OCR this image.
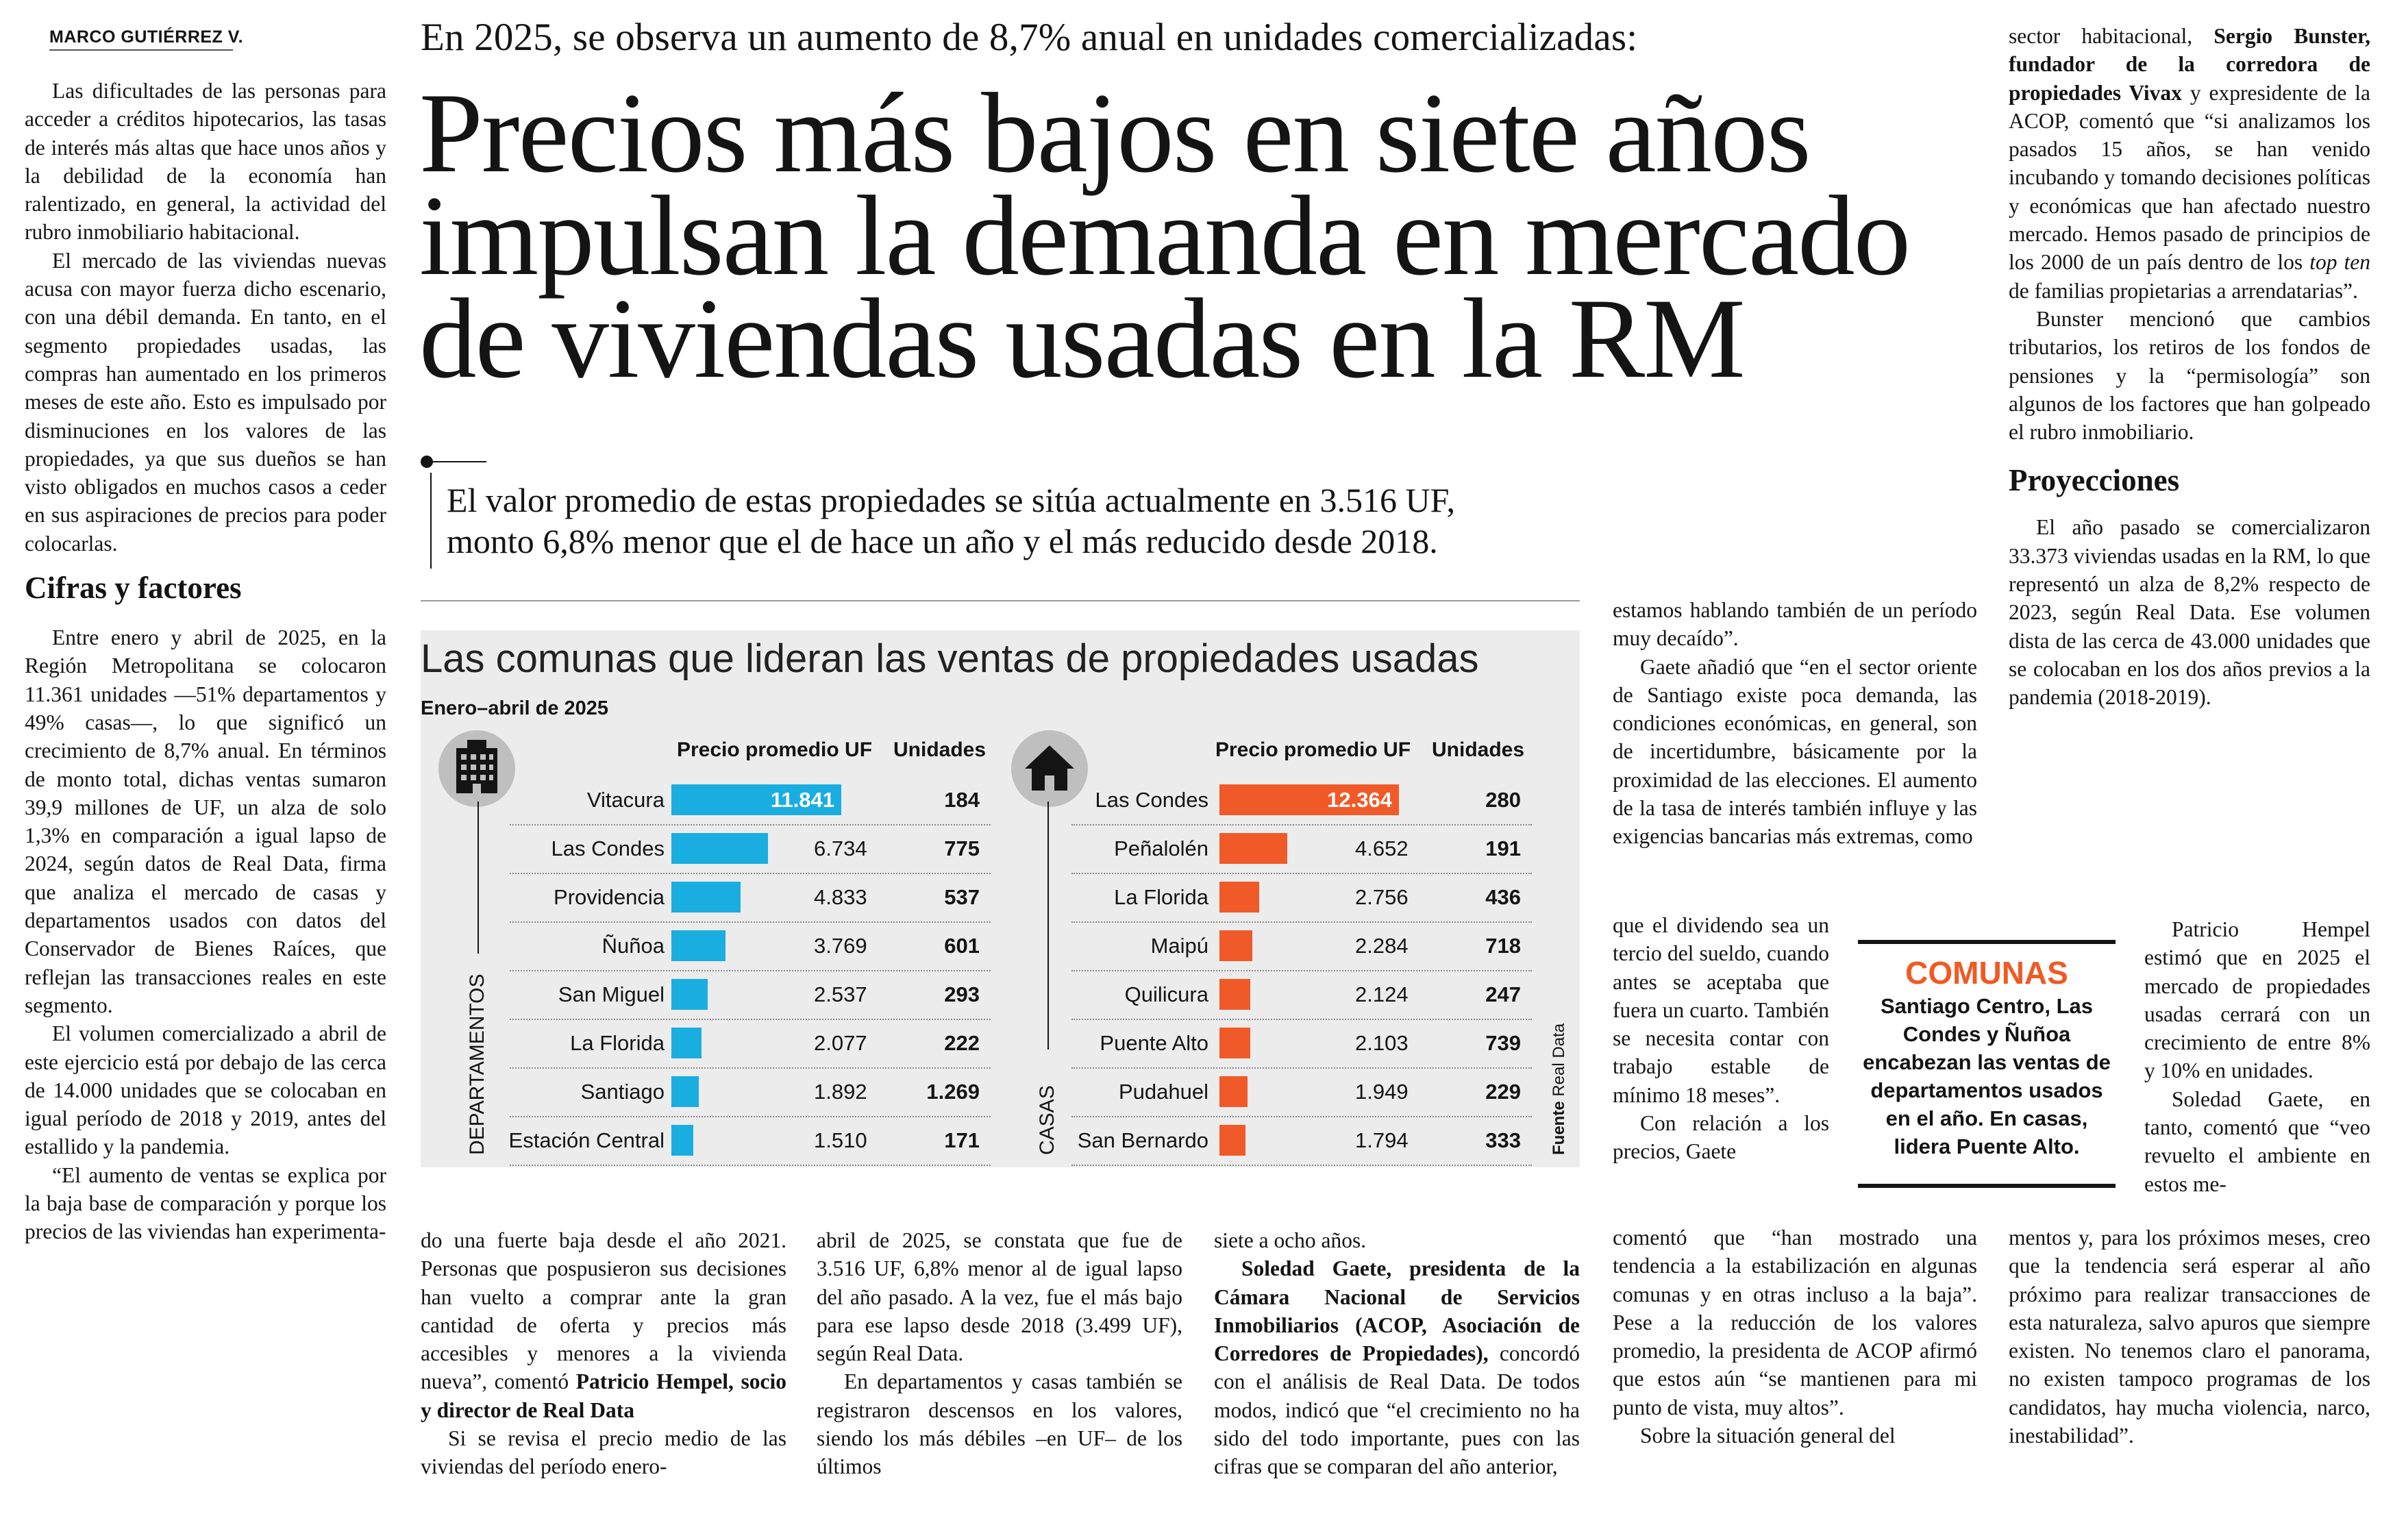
MARCO GUTIÉRREZ V.

Las dificultades de las personas para acceder a créditos hipotecarios, las tasas de interés más altas que hace unos años y la debilidad de la economía han ralentizado, en general, la actividad del rubro inmobiliario habitacional.

El mercado de las viviendas nuevas acusa con mayor fuerza dicho escenario, con una débil demanda. En tanto, en el segmento propiedades usadas, las compras han aumentado en los primeros meses de este año. Esto es impulsado por disminuciones en los valores de las propiedades, ya que sus dueños se han visto obligados en muchos casos a ceder en sus aspiraciones de precios para poder colocarlas.

Cifras y factores

Entre enero y abril de 2025, en la Región Metropolitana se colocaron 11.361 unidades —51% departamentos y 49% casas—, lo que significó un crecimiento de 8,7% anual. En términos de monto total, dichas ventas sumaron 39,9 millones de UF, un alza de solo 1,3% en comparación a igual lapso de 2024, según datos de Real Data, firma que analiza el mercado de casas y departamentos usados con datos del Conservador de Bienes Raíces, que reflejan las transacciones reales en este segmento.

El volumen comercializado a abril de este ejercicio está por debajo de las cerca de 14.000 unidades que se colocaban en igual período de 2018 y 2019, antes del estallido y la pandemia.

“El aumento de ventas se explica por la baja base de comparación y porque los precios de las viviendas han experimenta-

En 2025, se observa un aumento de 8,7% anual en unidades comercializadas:
Precios más bajos en siete años
impulsan la demanda en mercado
de viviendas usadas en la RM
El valor promedio de estas propiedades se sitúa actualmente en 3.516 UF,
monto 6,8% menor que el de hace un año y el más reducido desde 2018.
Las comunas que lideran las ventas de propiedades usadas
Enero–abril de 2025
Precio promedio UF Unidades	Precio promedio UF Unidades
DEPARTAMENTOS	CASAS
Vitacura	11.841	184
Las Condes	6.734	775
Providencia	4.833	537
Ñuñoa	3.769	601
San Miguel	2.537	293
La Florida	2.077	222
Santiago	1.892	1.269
Estación Central	1.510	171
Las Condes	12.364	280
Peñalolén	4.652	191
La Florida	2.756	436
Maipú	2.284	718
Quilicura	2.124	247
Puente Alto	2.103	739
Pudahuel	1.949	229
San Bernardo	1.794	333 Fuente Real Data

do una fuerte baja desde el año 2021. Personas que pospusieron sus decisiones han vuelto a comprar ante la gran cantidad de oferta y precios más accesibles y menores a la vivienda nueva”, comentó Patricio Hempel, socio y director de Real Data

Si se revisa el precio medio de las viviendas del período enero-

abril de 2025, se constata que fue de 3.516 UF, 6,8% menor al de igual lapso del año pasado. A la vez, fue el más bajo para ese lapso desde 2018 (3.499 UF), según Real Data.

En departamentos y casas también se registraron descensos en los valores, siendo los más débiles –en UF– de los últimos

siete a ocho años.

Soledad Gaete, presidenta de la Cámara Nacional de Servicios Inmobiliarios (ACOP, Asociación de Corredores de Propiedades), concordó con el análisis de Real Data. De todos modos, indicó que “el crecimiento no ha sido del todo importante, pues con las cifras que se comparan del año anterior,

estamos hablando también de un período muy decaído”.

Gaete añadió que “en el sector oriente de Santiago existe poca demanda, las condiciones económicas, en general, son de incertidumbre, básicamente por la proximidad de las elecciones. El aumento de la tasa de interés también influye y las exigencias bancarias más extremas, como

que el dividendo sea un tercio del sueldo, cuando antes se aceptaba que fuera un cuarto. También se necesita contar con trabajo estable de mínimo 18 meses”.

Con relación a los precios, Gaete

comentó que “han mostrado una tendencia a la estabilización en algunas comunas y en otras incluso a la baja”. Pese a la reducción de los valores promedio, la presidenta de ACOP afirmó que estos aún “se mantienen para mi punto de vista, muy altos”.

Sobre la situación general del

COMUNAS
Santiago Centro, Las Condes y Ñuñoa encabezan las ventas de departamentos usados en el año. En casas, lidera Puente Alto.

sector habitacional, Sergio Bunster, fundador de la corredora de propiedades Vivax y expresidente de la ACOP, comentó que “si analizamos los pasados 15 años, se han venido incubando y tomando decisiones políticas y económicas que han afectado nuestro mercado. Hemos pasado de principios de los 2000 de un país dentro de los top ten de familias propietarias a arrendatarias”.

Bunster mencionó que cambios tributarios, los retiros de los fondos de pensiones y la “permisología” son algunos de los factores que han golpeado el rubro inmobiliario.

Proyecciones

El año pasado se comercializaron 33.373 viviendas usadas en la RM, lo que representó un alza de 8,2% respecto de 2023, según Real Data. Ese volumen dista de las cerca de 43.000 unidades que se colocaban en los dos años previos a la pandemia (2018-2019).

Patricio Hempel estimó que en 2025 el mercado de propiedades usadas cerrará con un crecimiento de entre 8% y 10% en unidades.

Soledad Gaete, en tanto, comentó que “veo revuelto el ambiente en estos me-

mentos y, para los próximos meses, creo que la tendencia será esperar al año próximo para realizar transacciones de esta naturaleza, salvo apuros que siempre existen. No tenemos claro el panorama, no existen tampoco programas de los candidatos, hay mucha violencia, narco, inestabilidad”.
